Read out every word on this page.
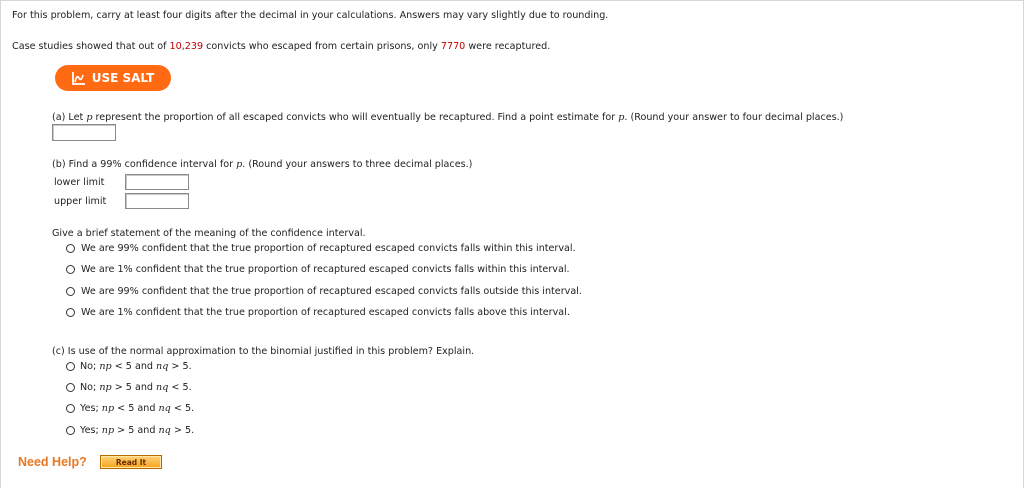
For this problem, carry at least four digits after the decimal in your calculations. Answers may vary slightly due to rounding.
Case studies showed that out of 10,239 convicts who escaped from certain prisons, only 7770 were recaptured.
USE SALT
(a) Let p represent the proportion of all escaped convicts who will eventually be recaptured. Find a point estimate for p. (Round your answer to four decimal places.)
(b) Find a 99% confidence interval for p. (Round your answers to three decimal places.)
lower limit
upper limit
Give a brief statement of the meaning of the confidence interval.
We are 99% confident that the true proportion of recaptured escaped convicts falls within this interval.
We are 1% confident that the true proportion of recaptured escaped convicts falls within this interval.
We are 99% confident that the true proportion of recaptured escaped convicts falls outside this interval.
We are 1% confident that the true proportion of recaptured escaped convicts falls above this interval.
(c) Is use of the normal approximation to the binomial justified in this problem? Explain.
No; np < 5 and nq > 5.
No; np > 5 and nq < 5.
Yes; np < 5 and nq < 5.
Yes; np > 5 and nq > 5.
Need Help?	Read It
